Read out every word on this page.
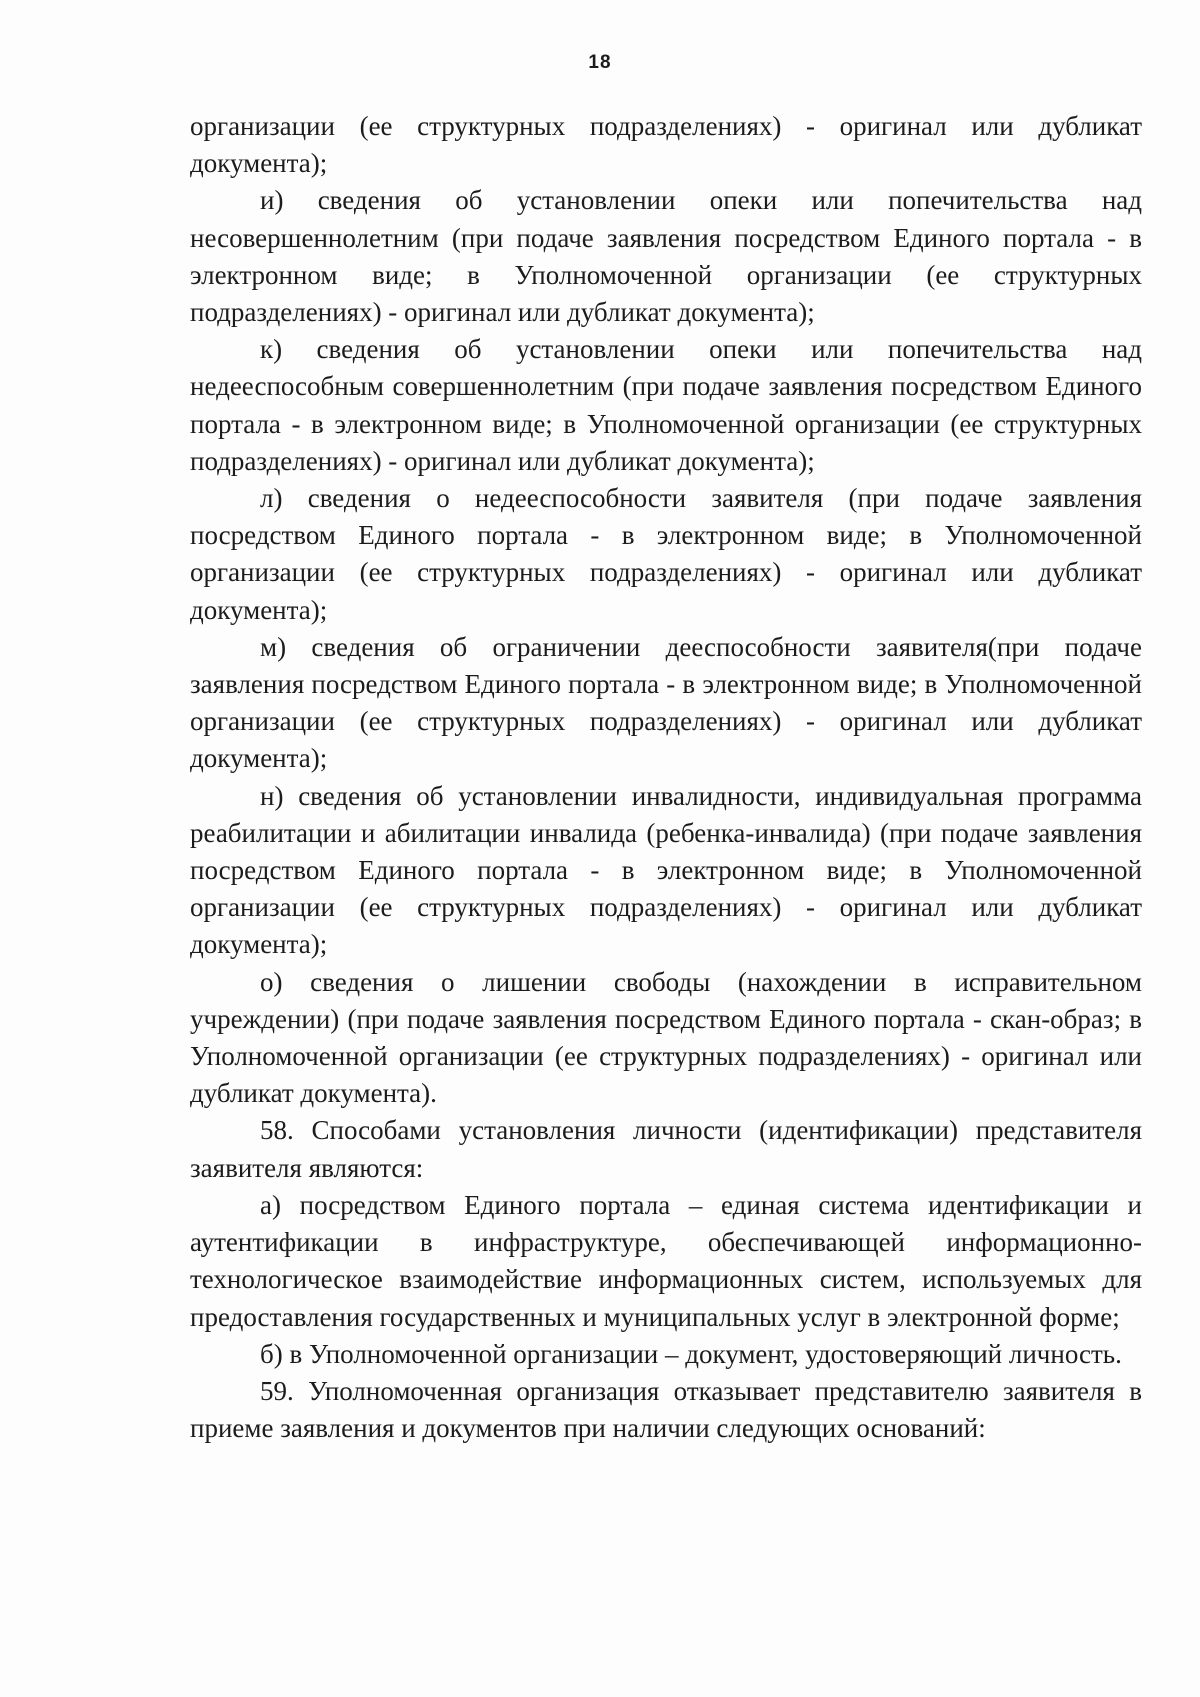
18

организации (ее структурных подразделениях) - оригинал или дубликат документа);

и) сведения об установлении опеки или попечительства над несовершеннолетним (при подаче заявления посредством Единого портала - в электронном виде; в Уполномоченной организации (ее структурных подразделениях) - оригинал или дубликат документа);

к) сведения об установлении опеки или попечительства над недееспособным совершеннолетним (при подаче заявления посредством Единого портала - в электронном виде; в Уполномоченной организации (ее структурных подразделениях) - оригинал или дубликат документа);

л) сведения о недееспособности заявителя (при подаче заявления посредством Единого портала - в электронном виде; в Уполномоченной организации (ее структурных подразделениях) - оригинал или дубликат документа);

м) сведения об ограничении дееспособности заявителя(при подаче заявления посредством Единого портала - в электронном виде; в Уполномоченной организации (ее структурных подразделениях) - оригинал или дубликат документа);

н) сведения об установлении инвалидности, индивидуальная программа реабилитации и абилитации инвалида (ребенка-инвалида) (при подаче заявления посредством Единого портала - в электронном виде; в Уполномоченной организации (ее структурных подразделениях) - оригинал или дубликат документа);

о) сведения о лишении свободы (нахождении в исправительном учреждении) (при подаче заявления посредством Единого портала - скан-образ; в Уполномоченной организации (ее структурных подразделениях) - оригинал или дубликат документа).

58. Способами установления личности (идентификации) представителя заявителя являются:

а) посредством Единого портала – единая система идентификации и аутентификации в инфраструктуре, обеспечивающей информационно-технологическое взаимодействие информационных систем, используемых для предоставления государственных и муниципальных услуг в электронной форме;

б) в Уполномоченной организации – документ, удостоверяющий личность.

59. Уполномоченная организация отказывает представителю заявителя в приеме заявления и документов при наличии следующих оснований:
